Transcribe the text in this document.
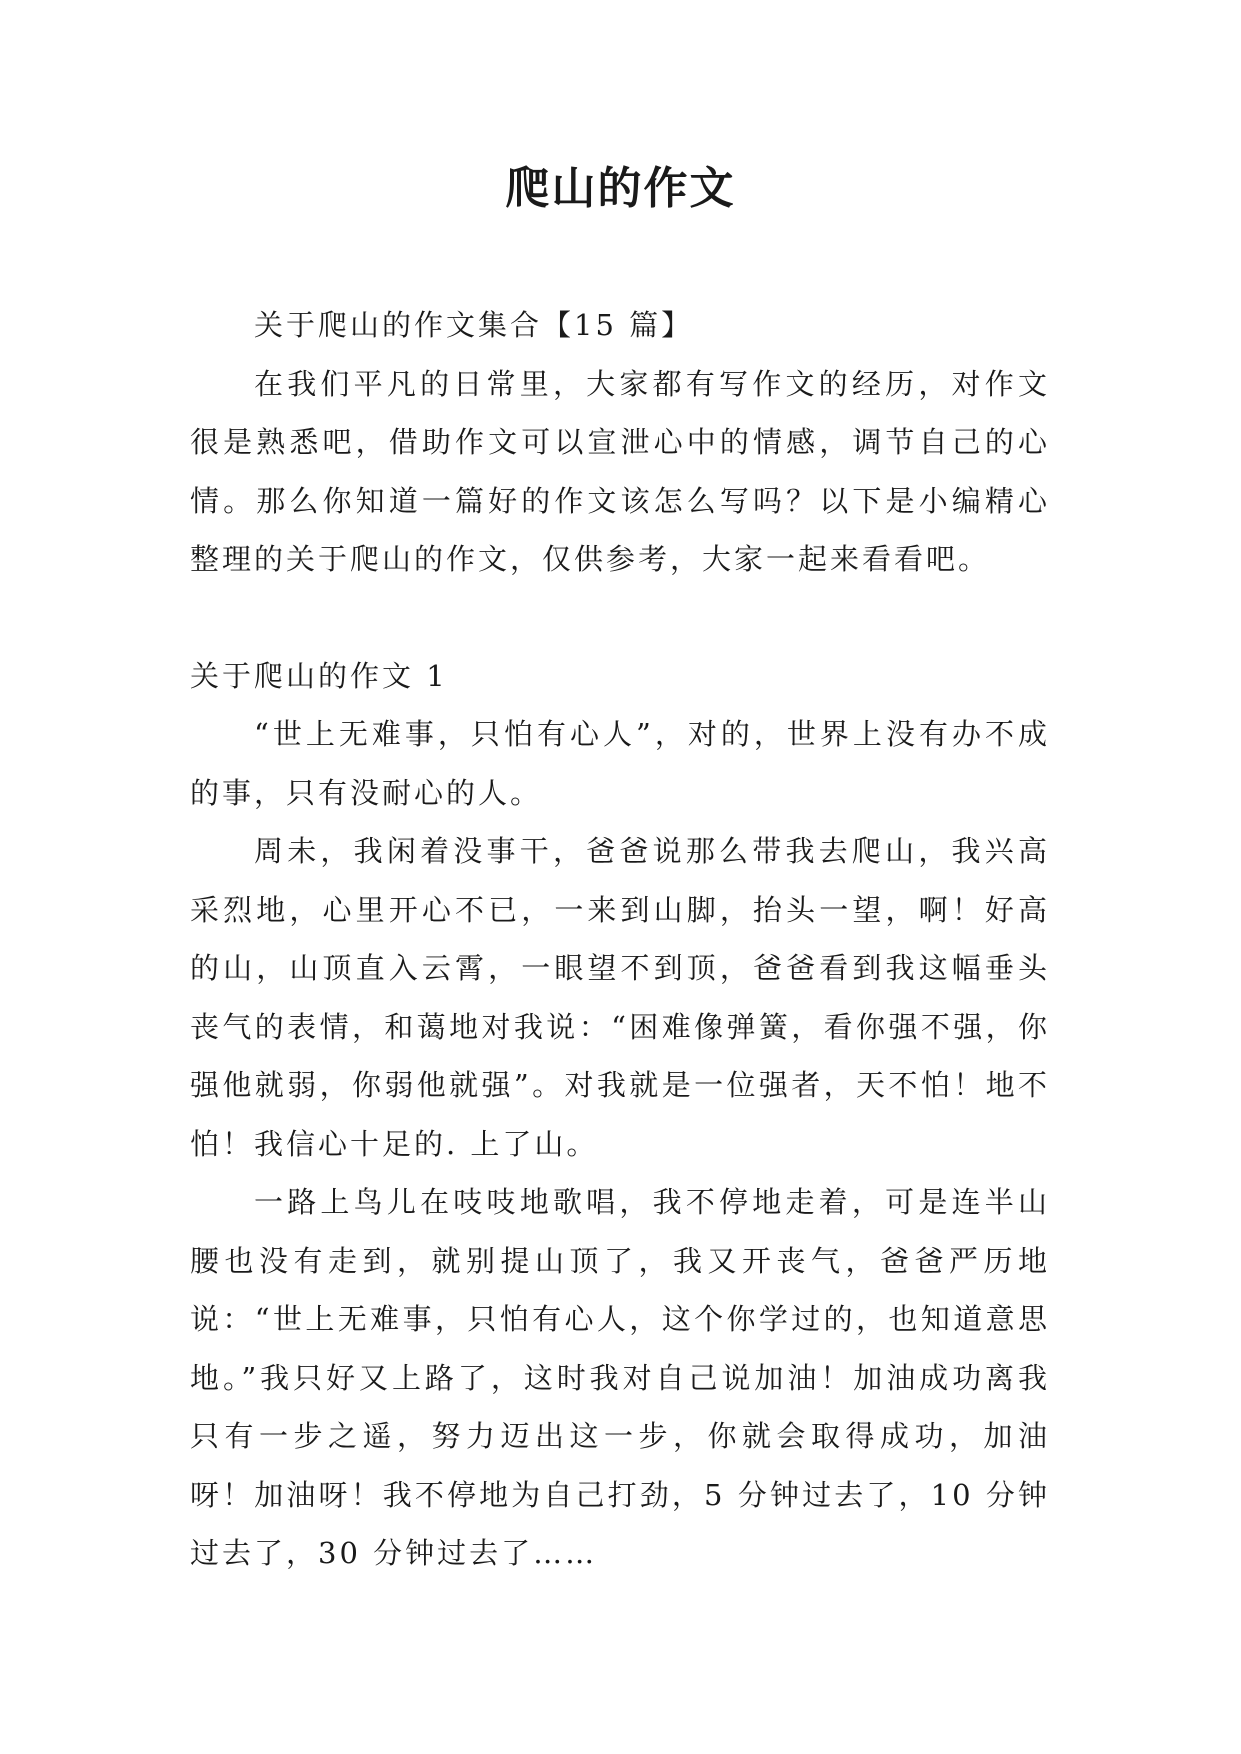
爬山的作文

关于爬山的作文集合【15 篇】

在我们平凡的日常里，大家都有写作文的经历，对作文很是熟悉吧，借助作文可以宣泄心中的情感，调节自己的心情。那么你知道一篇好的作文该怎么写吗？以下是小编精心整理的关于爬山的作文，仅供参考，大家一起来看看吧。

关于爬山的作文 1

“世上无难事，只怕有心人”，对的，世界上没有办不成的事，只有没耐心的人。

周未，我闲着没事干，爸爸说那么带我去爬山，我兴高采烈地，心里开心不已，一来到山脚，抬头一望，啊！好高的山，山顶直入云霄，一眼望不到顶，爸爸看到我这幅垂头丧气的表情，和蔼地对我说：“困难像弹簧，看你强不强，你强他就弱，你弱他就强”。对我就是一位强者，天不怕！地不怕！我信心十足的. 上了山。

一路上鸟儿在吱吱地歌唱，我不停地走着，可是连半山腰也没有走到，就别提山顶了，我又开丧气，爸爸严历地说：“世上无难事，只怕有心人，这个你学过的，也知道意思地。”我只好又上路了，这时我对自己说加油！加油成功离我只有一步之遥，努力迈出这一步，你就会取得成功，加油呀！加油呀！我不停地为自己打劲，5 分钟过去了，10 分钟过去了，30 分钟过去了……
